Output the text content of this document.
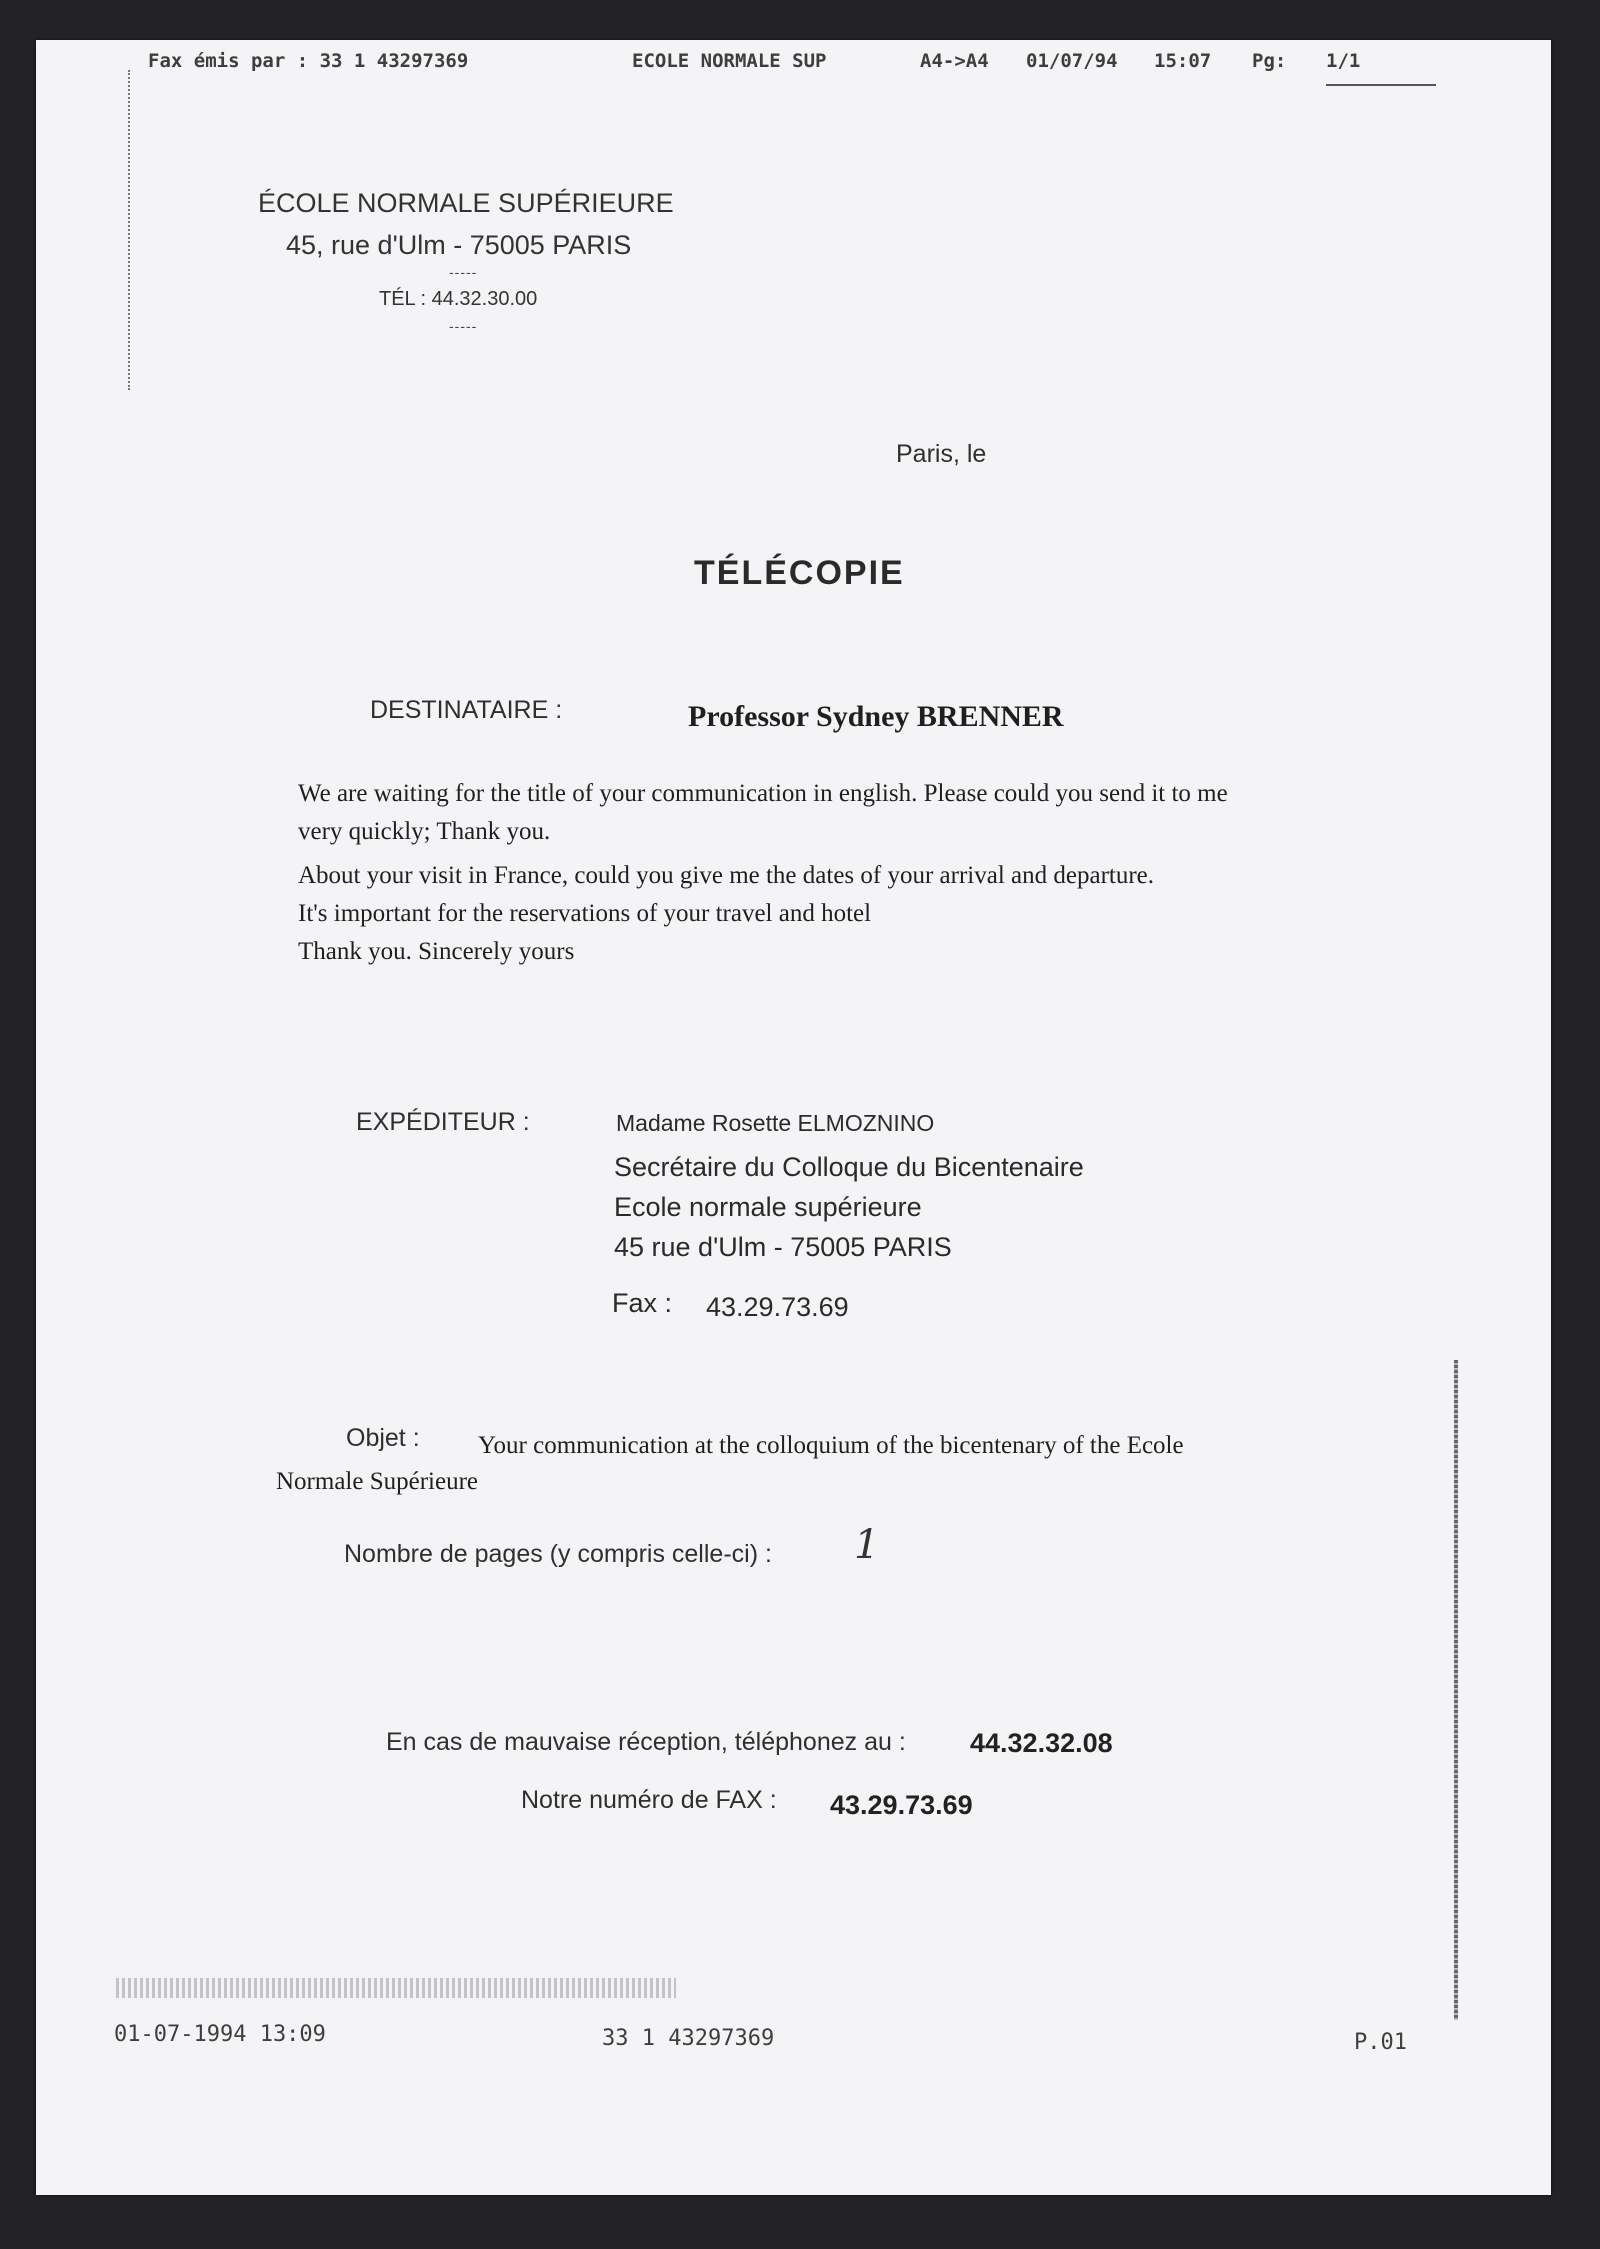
Fax émis par : 33 1 43297369	ECOLE NORMALE SUP	A4->A4 01/07/94 15:07 Pg: 1/1
ÉCOLE NORMALE SUPÉRIEURE
45, rue d'Ulm - 75005 PARIS
-----
TÉL : 44.32.30.00
-----
Paris, le
TÉLÉCOPIE
DESTINATAIRE :	Professor Sydney BRENNER
We are waiting for the title of your communication in english. Please could you send it to me
very quickly; Thank you.
About your visit in France, could you give me the dates of your arrival and departure.
It's important for the reservations of your travel and hotel
Thank you. Sincerely yours
EXPÉDITEUR :	Madame Rosette ELMOZNINO
Secrétaire du Colloque du Bicentenaire
Ecole normale supérieure
45 rue d'Ulm - 75005 PARIS
Fax : 43.29.73.69
Objet : Your communication at the colloquium of the bicentenary of the Ecole
Normale Supérieure
Nombre de pages (y compris celle-ci) : 1
En cas de mauvaise réception, téléphonez au : 44.32.32.08
Notre numéro de FAX : 43.29.73.69
01-07-1994 13:09	33 1 43297369	P.01
